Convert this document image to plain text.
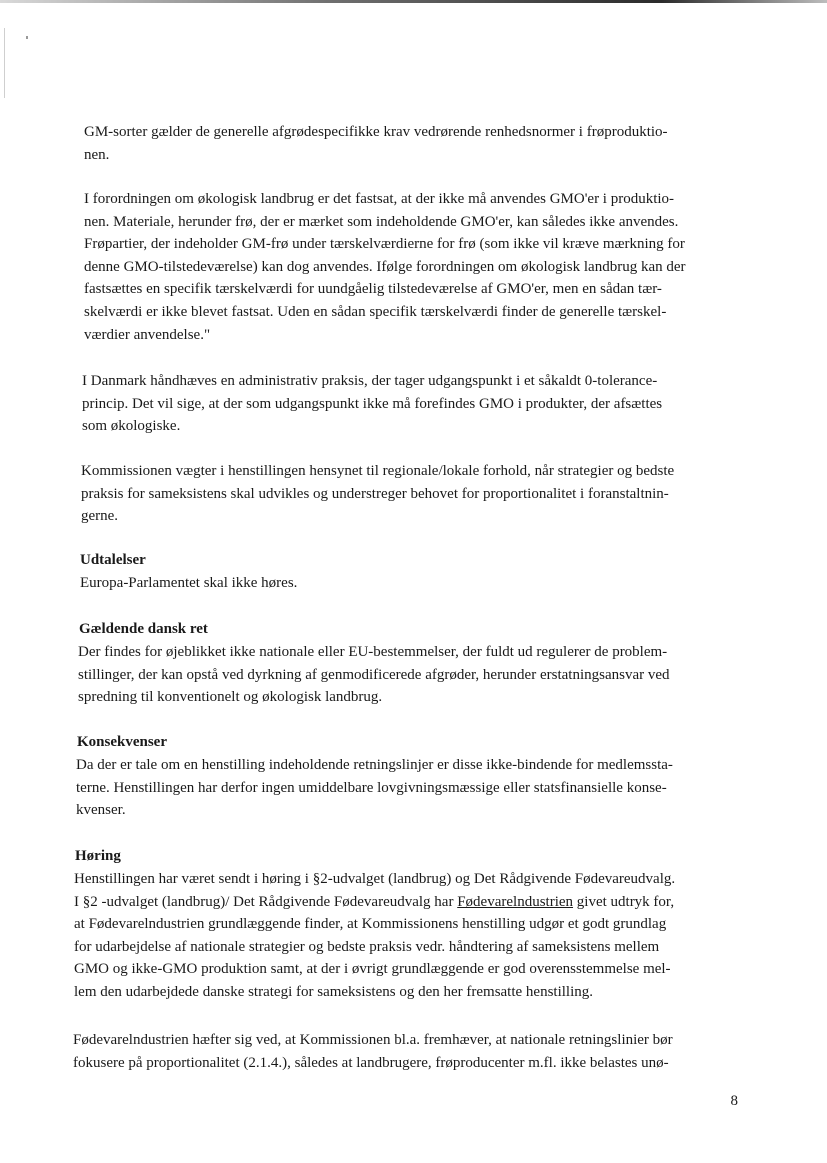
GM-sorter gælder de generelle afgrødespecifikke krav vedrørende renhedsnormer i frøproduktio-
nen.
I forordningen om økologisk landbrug er det fastsat, at der ikke må anvendes GMO'er i produktio-
nen. Materiale, herunder frø, der er mærket som indeholdende GMO'er, kan således ikke anvendes.
Frøpartier, der indeholder GM-frø under tærskelværdierne for frø (som ikke vil kræve mærkning for
denne GMO-tilstedeværelse) kan dog anvendes. Ifølge forordningen om økologisk landbrug kan der
fastsættes en specifik tærskelværdi for uundgåelig tilstedeværelse af GMO'er, men en sådan tær-
skelværdi er ikke blevet fastsat. Uden en sådan specifik tærskelværdi finder de generelle tærskel-
værdier anvendelse."
I Danmark håndhæves en administrativ praksis, der tager udgangspunkt i et såkaldt 0-tolerance-
princip. Det vil sige, at der som udgangspunkt ikke må forefindes GMO i produkter, der afsættes
som økologiske.
Kommissionen vægter i henstillingen hensynet til regionale/lokale forhold, når strategier og bedste
praksis for sameksistens skal udvikles og understreger behovet for proportionalitet i foranstaltnin-
gerne.
Udtalelser
Europa-Parlamentet skal ikke høres.
Gældende dansk ret
Der findes for øjeblikket ikke nationale eller EU-bestemmelser, der fuldt ud regulerer de problem-
stillinger, der kan opstå ved dyrkning af genmodificerede afgrøder, herunder erstatningsansvar ved
spredning til konventionelt og økologisk landbrug.
Konsekvenser
Da der er tale om en henstilling indeholdende retningslinjer er disse ikke-bindende for medlemssta-
terne. Henstillingen har derfor ingen umiddelbare lovgivningsmæssige eller statsfinansielle konse-
kvenser.
Høring
Henstillingen har været sendt i høring i §2-udvalget (landbrug) og Det Rådgivende Fødevareudvalg.
I §2 -udvalget (landbrug)/ Det Rådgivende Fødevareudvalg har Fødevarelndustrien givet udtryk for,
at Fødevarelndustrien grundlæggende finder, at Kommissionens henstilling udgør et godt grundlag
for udarbejdelse af nationale strategier og bedste praksis vedr. håndtering af sameksistens mellem
GMO og ikke-GMO produktion samt, at der i øvrigt grundlæggende er god overensstemmelse mel-
lem den udarbejdede danske strategi for sameksistens og den her fremsatte henstilling.
Fødevarelndustrien hæfter sig ved, at Kommissionen bl.a. fremhæver, at nationale retningslinier bør
fokusere på proportionalitet (2.1.4.), således at landbrugere, frøproducenter m.fl. ikke belastes unø-
8
